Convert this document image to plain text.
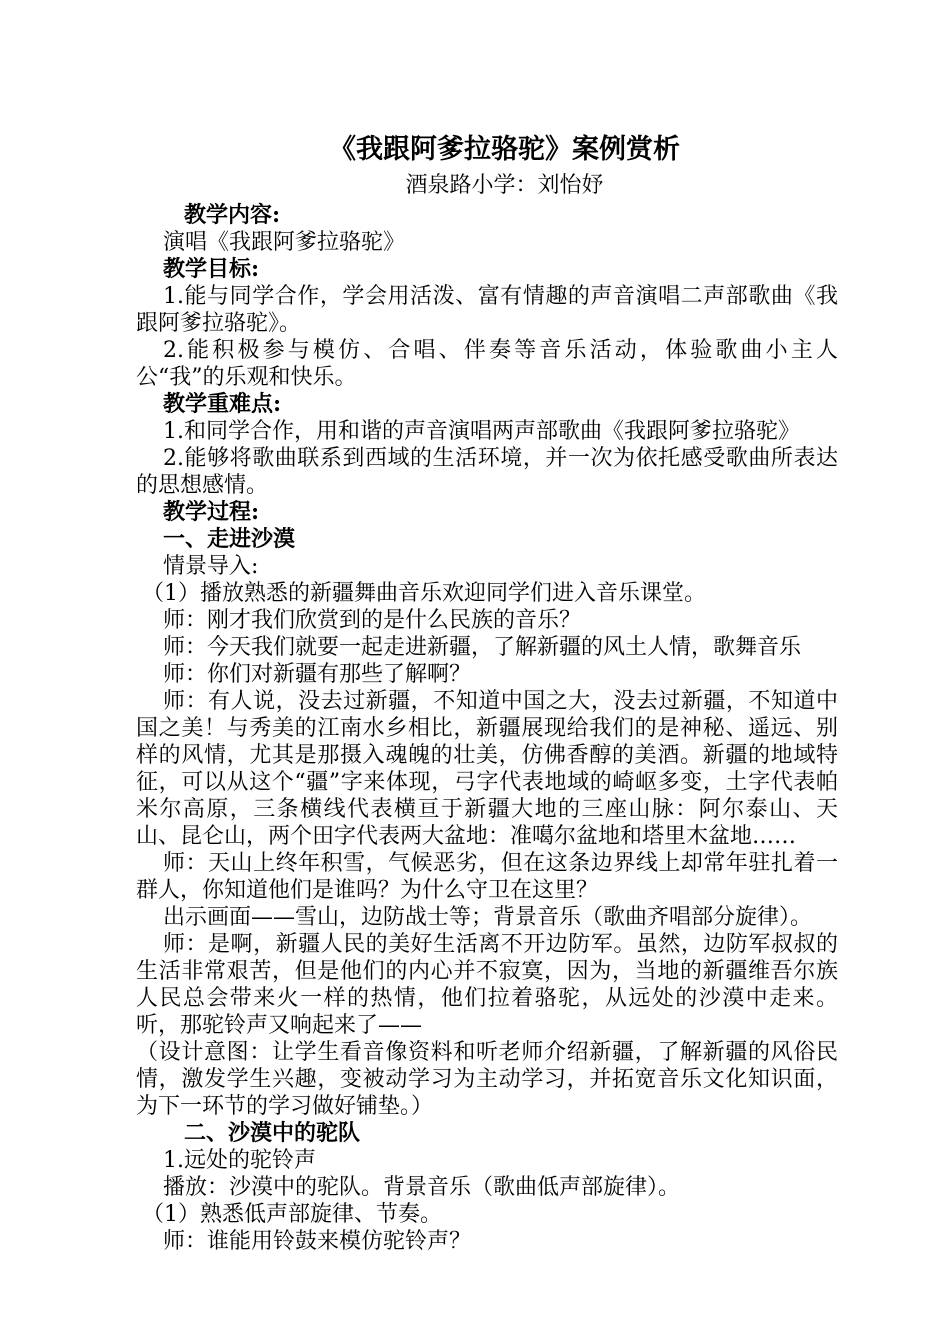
《我跟阿爹拉骆驼》案例赏析
酒泉路小学：刘怡妤

教学内容:

演唱《我跟阿爹拉骆驼》

教学目标:

1.能与同学合作，学会用活泼、富有情趣的声音演唱二声部歌曲《我跟阿爹拉骆驼》。

2.能积极参与模仿、合唱、伴奏等音乐活动，体验歌曲小主人公“我”的乐观和快乐。

教学重难点:

1.和同学合作，用和谐的声音演唱两声部歌曲《我跟阿爹拉骆驼》

2.能够将歌曲联系到西域的生活环境，并一次为依托感受歌曲所表达的思想感情。

教学过程:

一、走进沙漠

情景导入:

（1）播放熟悉的新疆舞曲音乐欢迎同学们进入音乐课堂。

师：刚才我们欣赏到的是什么民族的音乐？

师：今天我们就要一起走进新疆，了解新疆的风土人情，歌舞音乐

师：你们对新疆有那些了解啊？

师：有人说，没去过新疆，不知道中国之大，没去过新疆，不知道中国之美！与秀美的江南水乡相比，新疆展现给我们的是神秘、遥远、别样的风情，尤其是那摄入魂魄的壮美，仿佛香醇的美酒。新疆的地域特征，可以从这个“疆”字来体现，弓字代表地域的崎岖多变，土字代表帕米尔高原，三条横线代表横亘于新疆大地的三座山脉：阿尔泰山、天山、昆仑山，两个田字代表两大盆地：准噶尔盆地和塔里木盆地……

师：天山上终年积雪，气候恶劣，但在这条边界线上却常年驻扎着一群人，你知道他们是谁吗？为什么守卫在这里？

出示画面——雪山，边防战士等；背景音乐（歌曲齐唱部分旋律）。

师：是啊，新疆人民的美好生活离不开边防军。虽然，边防军叔叔的生活非常艰苦，但是他们的内心并不寂寞，因为，当地的新疆维吾尔族人民总会带来火一样的热情，他们拉着骆驼，从远处的沙漠中走来。听，那驼铃声又响起来了——

（设计意图：让学生看音像资料和听老师介绍新疆，了解新疆的风俗民情，激发学生兴趣，变被动学习为主动学习，并拓宽音乐文化知识面，为下一环节的学习做好铺垫。）

二、沙漠中的驼队

1.远处的驼铃声

播放：沙漠中的驼队。背景音乐（歌曲低声部旋律）。

（1）熟悉低声部旋律、节奏。

师：谁能用铃鼓来模仿驼铃声？
